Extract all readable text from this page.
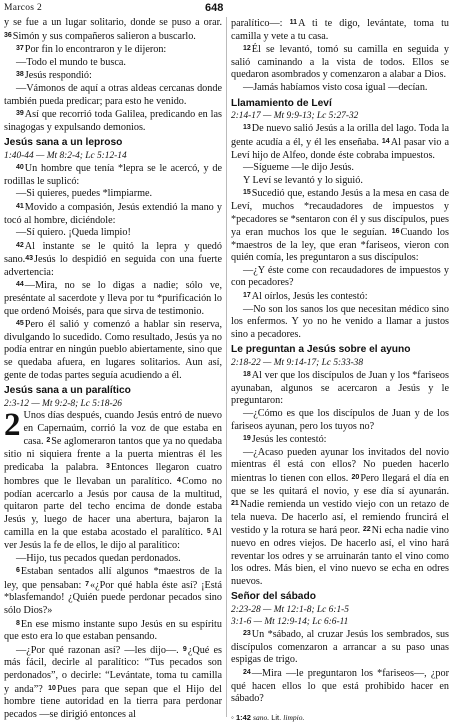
Marcos 2	648

y se fue a un lugar solitario, donde se puso a orar. 36Simón y sus compañeros salieron a buscarlo.

37Por fin lo encontraron y le dijeron:

—Todo el mundo te busca.

38Jesús respondió:

—Vámonos de aquí a otras aldeas cercanas donde también pueda predicar; para esto he venido.

39Así que recorrió toda Galilea, predicando en las sinagogas y expulsando demonios.

Jesús sana a un leproso

1:40-44 — Mt 8:2-4; Lc 5:12-14

40Un hombre que tenía *lepra se le acercó, y de rodillas le suplicó:

—Si quieres, puedes *limpiarme.

41Movido a compasión, Jesús extendió la mano y tocó al hombre, diciéndole:

—Sí quiero. ¡Queda limpio!

42Al instante se le quitó la lepra y quedó sano.43Jesús lo despidió en seguida con una fuerte advertencia:

44—Mira, no se lo digas a nadie; sólo ve, preséntate al sacerdote y lleva por tu *purificación lo que ordenó Moisés, para que sirva de testimonio.

45Pero él salió y comenzó a hablar sin reserva, divulgando lo sucedido. Como resultado, Jesús ya no podía entrar en ningún pueblo abiertamente, sino que se quedaba afuera, en lugares solitarios. Aun así, gente de todas partes seguía acudiendo a él.

Jesús sana a un paralítico

2:3-12 — Mt 9:2-8; Lc 5:18-26

2 Unos días después, cuando Jesús entró de nuevo en Capernaúm, corrió la voz de que estaba en casa. 2Se aglomeraron tantos que ya no quedaba sitio ni siquiera frente a la puerta mientras él les predicaba la palabra. 3Entonces llegaron cuatro hombres que le llevaban un paralítico. 4Como no podían acercarlo a Jesús por causa de la multitud, quitaron parte del techo encima de donde estaba Jesús y, luego de hacer una abertura, bajaron la camilla en la que estaba acostado el paralítico. 5Al ver Jesús la fe de ellos, le dijo al paralítico:

—Hijo, tus pecados quedan perdonados.

6Estaban sentados allí algunos *maestros de la ley, que pensaban: 7«¿Por qué habla éste así? ¡Está *blasfemando! ¿Quién puede perdonar pecados sino sólo Dios?»

8En ese mismo instante supo Jesús en su espíritu que esto era lo que estaban pensando.

—¿Por qué razonan así? —les dijo—. 9¿Qué es más fácil, decirle al paralítico: “Tus pecados son perdonados”, o decirle: “Levántate, toma tu camilla y anda”? 10Pues para que sepan que el Hijo del hombre tiene autoridad en la tierra para perdonar pecados —se dirigió entonces al

paralítico—: 11A ti te digo, levántate, toma tu camilla y vete a tu casa.

12Él se levantó, tomó su camilla en seguida y salió caminando a la vista de todos. Ellos se quedaron asombrados y comenzaron a alabar a Dios.

—Jamás habíamos visto cosa igual —decían.

Llamamiento de Leví

2:14-17 — Mt 9:9-13; Lc 5:27-32

13De nuevo salió Jesús a la orilla del lago. Toda la gente acudía a él, y él les enseñaba. 14Al pasar vio a Leví hijo de Alfeo, donde éste cobraba impuestos.

—Sígueme —le dijo Jesús.

Y Leví se levantó y lo siguió.

15Sucedió que, estando Jesús a la mesa en casa de Leví, muchos *recaudadores de impuestos y *pecadores se *sentaron con él y sus discípulos, pues ya eran muchos los que le seguían. 16Cuando los *maestros de la ley, que eran *fariseos, vieron con quién comía, les preguntaron a sus discípulos:

—¿Y éste come con recaudadores de impuestos y con pecadores?

17Al oírlos, Jesús les contestó:

—No son los sanos los que necesitan médico sino los enfermos. Y yo no he venido a llamar a justos sino a pecadores.

Le preguntan a Jesús sobre el ayuno

2:18-22 — Mt 9:14-17; Lc 5:33-38

18Al ver que los discípulos de Juan y los *fariseos ayunaban, algunos se acercaron a Jesús y le preguntaron:

—¿Cómo es que los discípulos de Juan y de los fariseos ayunan, pero los tuyos no?

19Jesús les contestó:

—¿Acaso pueden ayunar los invitados del novio mientras él está con ellos? No pueden hacerlo mientras lo tienen con ellos. 20Pero llegará el día en que se les quitará el novio, y ese día sí ayunarán. 21Nadie remienda un vestido viejo con un retazo de tela nueva. De hacerlo así, el remiendo fruncirá el vestido y la rotura se hará peor. 22Ni echa nadie vino nuevo en odres viejos. De hacerlo así, el vino hará reventar los odres y se arruinarán tanto el vino como los odres. Más bien, el vino nuevo se echa en odres nuevos.

Señor del sábado

2:23-28 — Mt 12:1-8; Lc 6:1-5

3:1-6 — Mt 12:9-14; Lc 6:6-11

23Un *sábado, al cruzar Jesús los sembrados, sus discípulos comenzaron a arrancar a su paso unas espigas de trigo.

24—Mira —le preguntaron los *fariseos—, ¿por qué hacen ellos lo que está prohibido hacer en sábado?

◦ 1:42 sano. Lit. limpio.
